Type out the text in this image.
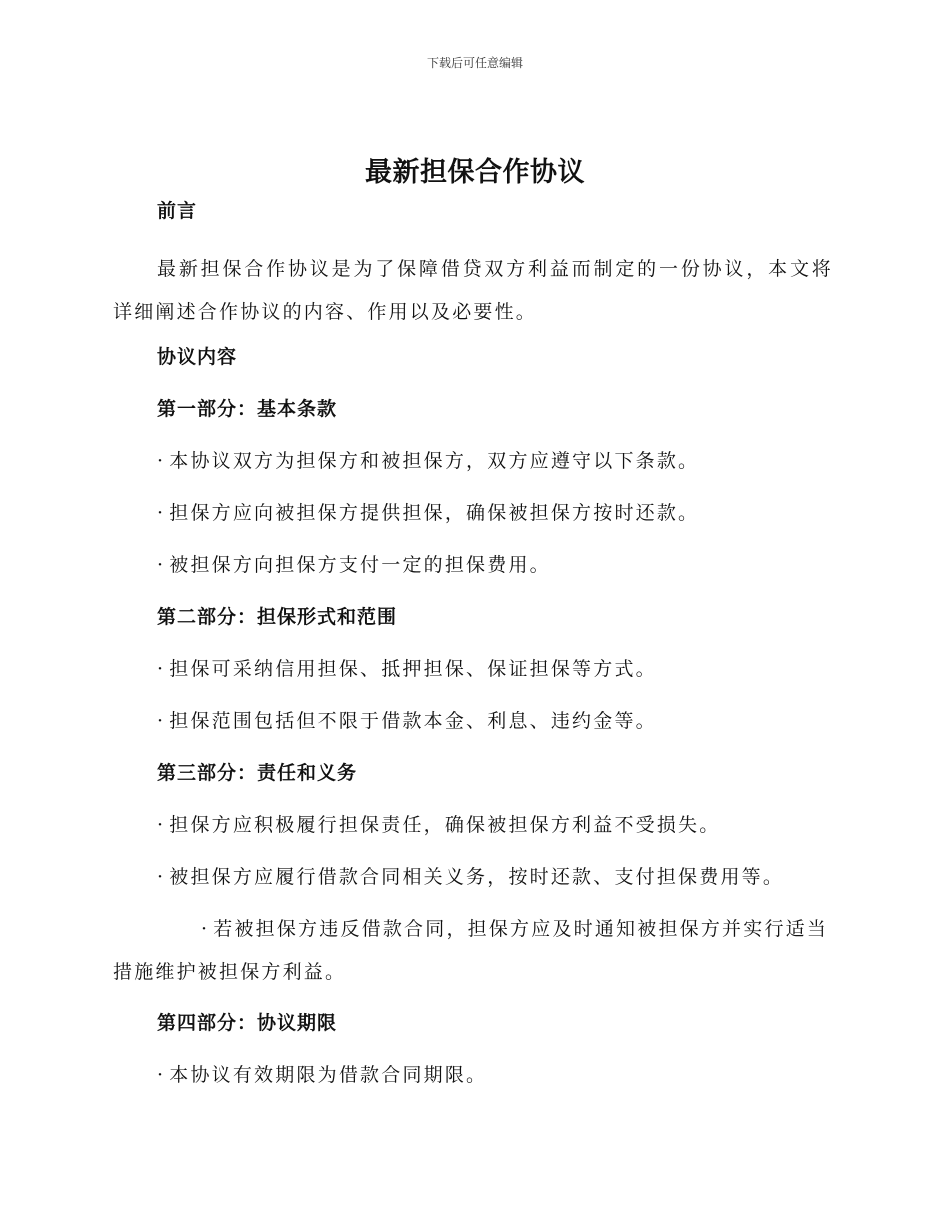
下载后可任意编辑
最新担保合作协议
前言
最新担保合作协议是为了保障借贷双方利益而制定的一份协议，本文将详细阐述合作协议的内容、作用以及必要性。
协议内容
第一部分：基本条款
· 本协议双方为担保方和被担保方，双方应遵守以下条款。
· 担保方应向被担保方提供担保，确保被担保方按时还款。
· 被担保方向担保方支付一定的担保费用。
第二部分：担保形式和范围
· 担保可采纳信用担保、抵押担保、保证担保等方式。
· 担保范围包括但不限于借款本金、利息、违约金等。
第三部分：责任和义务
· 担保方应积极履行担保责任，确保被担保方利益不受损失。
· 被担保方应履行借款合同相关义务，按时还款、支付担保费用等。
· 若被担保方违反借款合同，担保方应及时通知被担保方并实行适当措施维护被担保方利益。
第四部分：协议期限
· 本协议有效期限为借款合同期限。
